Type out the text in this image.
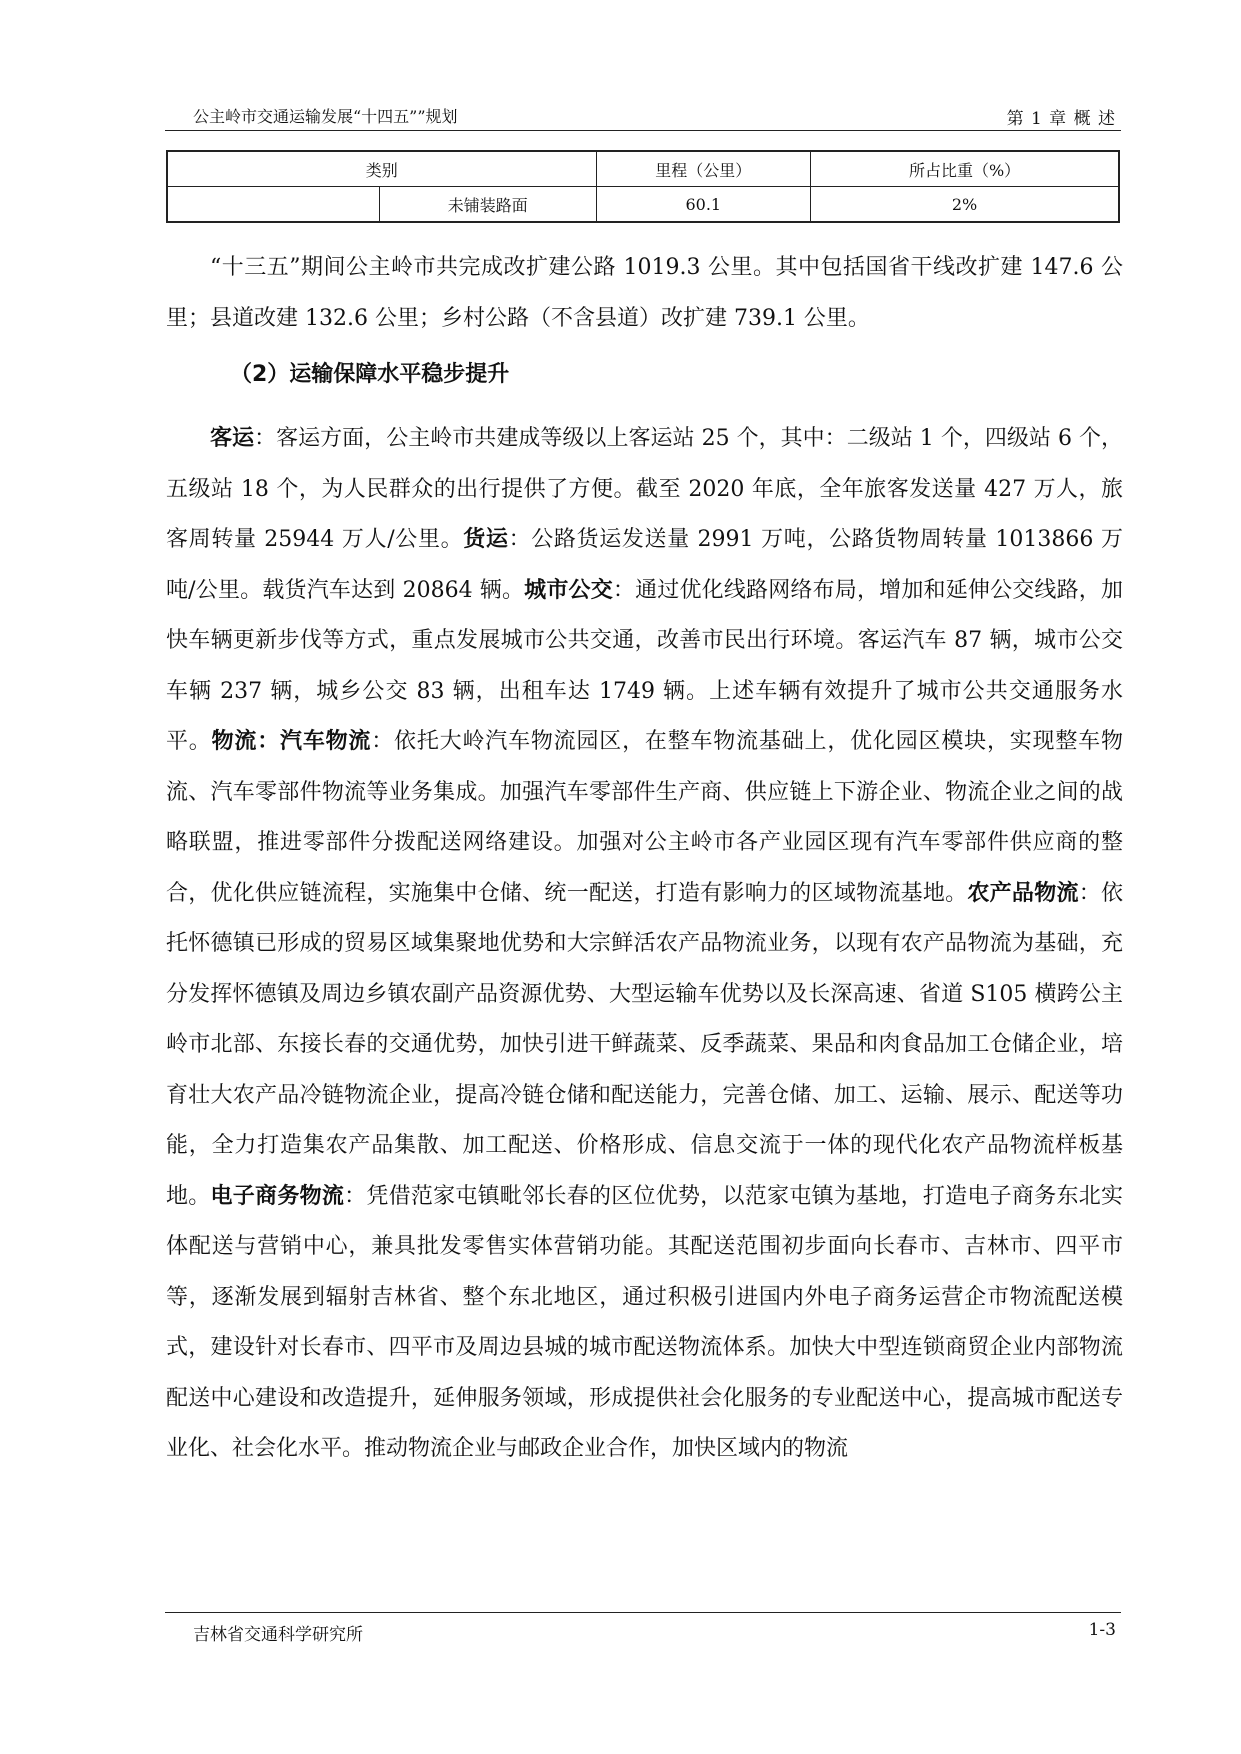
公主岭市交通运输发展“十四五””规划	第 1 章 概 述
类别		里程（公里）	所占比重（%）
	未铺装路面	60.1	2%

“十三五”期间公主岭市共完成改扩建公路 1019.3 公里。其中包括国省干线改扩建 147.6 公里；县道改建 132.6 公里；乡村公路（不含县道）改扩建 739.1 公里。

（2）运输保障水平稳步提升

客运：客运方面，公主岭市共建成等级以上客运站 25 个，其中：二级站 1 个，四级站 6 个，五级站 18 个，为人民群众的出行提供了方便。截至 2020 年底，全年旅客发送量 427 万人，旅客周转量 25944 万人/公里。货运：公路货运发送量 2991 万吨，公路货物周转量 1013866 万吨/公里。载货汽车达到 20864 辆。城市公交：通过优化线路网络布局，增加和延伸公交线路，加快车辆更新步伐等方式，重点发展城市公共交通，改善市民出行环境。客运汽车 87 辆，城市公交车辆 237 辆，城乡公交 83 辆，出租车达 1749 辆。上述车辆有效提升了城市公共交通服务水平。物流：汽车物流：依托大岭汽车物流园区，在整车物流基础上，优化园区模块，实现整车物流、汽车零部件物流等业务集成。加强汽车零部件生产商、供应链上下游企业、物流企业之间的战略联盟，推进零部件分拨配送网络建设。加强对公主岭市各产业园区现有汽车零部件供应商的整合，优化供应链流程，实施集中仓储、统一配送，打造有影响力的区域物流基地。农产品物流：依托怀德镇已形成的贸易区域集聚地优势和大宗鲜活农产品物流业务，以现有农产品物流为基础，充分发挥怀德镇及周边乡镇农副产品资源优势、大型运输车优势以及长深高速、省道 S105 横跨公主岭市北部、东接长春的交通优势，加快引进干鲜蔬菜、反季蔬菜、果品和肉食品加工仓储企业，培育壮大农产品冷链物流企业，提高冷链仓储和配送能力，完善仓储、加工、运输、展示、配送等功能，全力打造集农产品集散、加工配送、价格形成、信息交流于一体的现代化农产品物流样板基地。电子商务物流：凭借范家屯镇毗邻长春的区位优势，以范家屯镇为基地，打造电子商务东北实体配送与营销中心，兼具批发零售实体营销功能。其配送范围初步面向长春市、吉林市、四平市等，逐渐发展到辐射吉林省、整个东北地区，通过积极引进国内外电子商务运营企市物流配送模式，建设针对长春市、四平市及周边县城的城市配送物流体系。加快大中型连锁商贸企业内部物流配送中心建设和改造提升，延伸服务领域，形成提供社会化服务的专业配送中心，提高城市配送专业化、社会化水平。推动物流企业与邮政企业合作，加快区域内的物流

吉林省交通科学研究所	1-3
